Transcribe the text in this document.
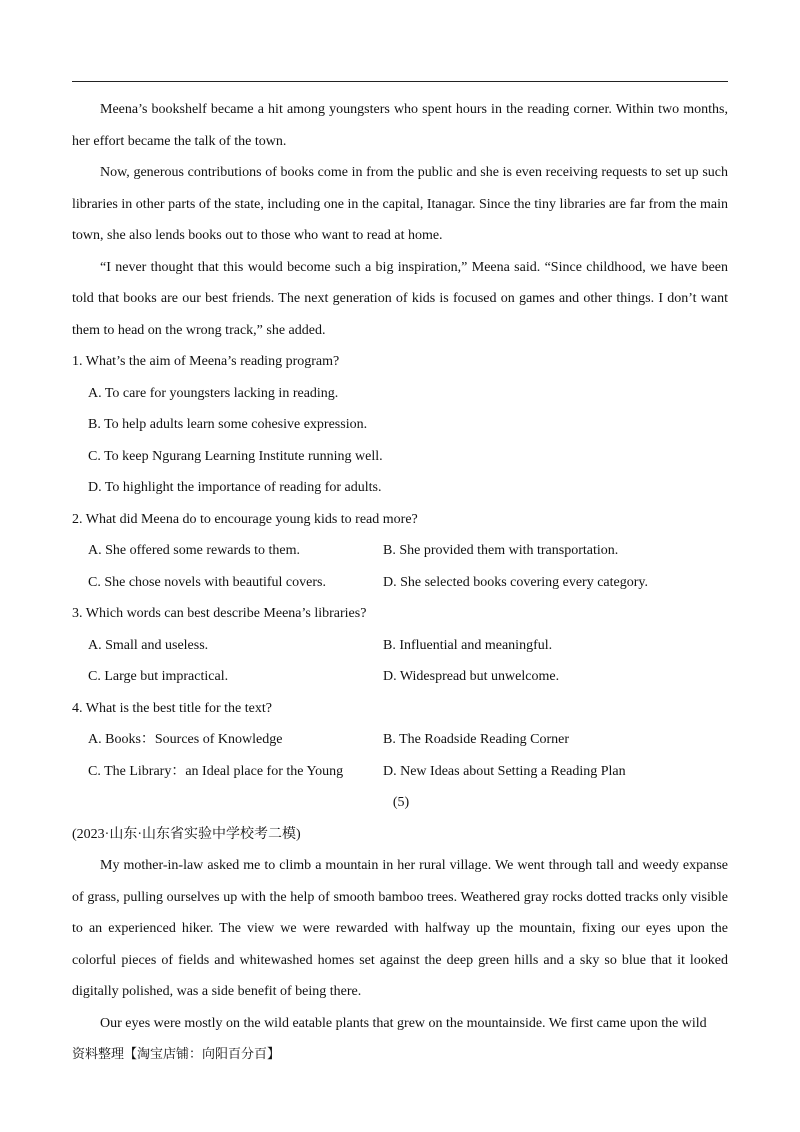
Meena’s bookshelf became a hit among youngsters who spent hours in the reading corner. Within two months, her effort became the talk of the town.

Now, generous contributions of books come in from the public and she is even receiving requests to set up such libraries in other parts of the state, including one in the capital, Itanagar. Since the tiny libraries are far from the main town, she also lends books out to those who want to read at home.

“I never thought that this would become such a big inspiration,” Meena said. “Since childhood, we have been told that books are our best friends. The next generation of kids is focused on games and other things. I don’t want them to head on the wrong track,” she added.

1. What’s the aim of Meena’s reading program?

A. To care for youngsters lacking in reading.

B. To help adults learn some cohesive expression.

C. To keep Ngurang Learning Institute running well.

D. To highlight the importance of reading for adults.

2. What did Meena do to encourage young kids to read more?

A. She offered some rewards to them.	B. She provided them with transportation.
C. She chose novels with beautiful covers.	D. She selected books covering every category.

3. Which words can best describe Meena’s libraries?

A. Small and useless.	B. Influential and meaningful.
C. Large but impractical.	D. Widespread but unwelcome.

4. What is the best title for the text?

A. Books：Sources of Knowledge	B. The Roadside Reading Corner
C. The Library：an Ideal place for the Young	D. New Ideas about Setting a Reading Plan

(5)

(2023·山东·山东省实验中学校考二模)

My mother-in-law asked me to climb a mountain in her rural village. We went through tall and weedy expanse of grass, pulling ourselves up with the help of smooth bamboo trees. Weathered gray rocks dotted tracks only visible to an experienced hiker. The view we were rewarded with halfway up the mountain, fixing our eyes upon the colorful pieces of fields and whitewashed homes set against the deep green hills and a sky so blue that it looked digitally polished, was a side benefit of being there.

Our eyes were mostly on the wild eatable plants that grew on the mountainside. We first came upon the wild

资料整理【淘宝店铺：向阳百分百】
